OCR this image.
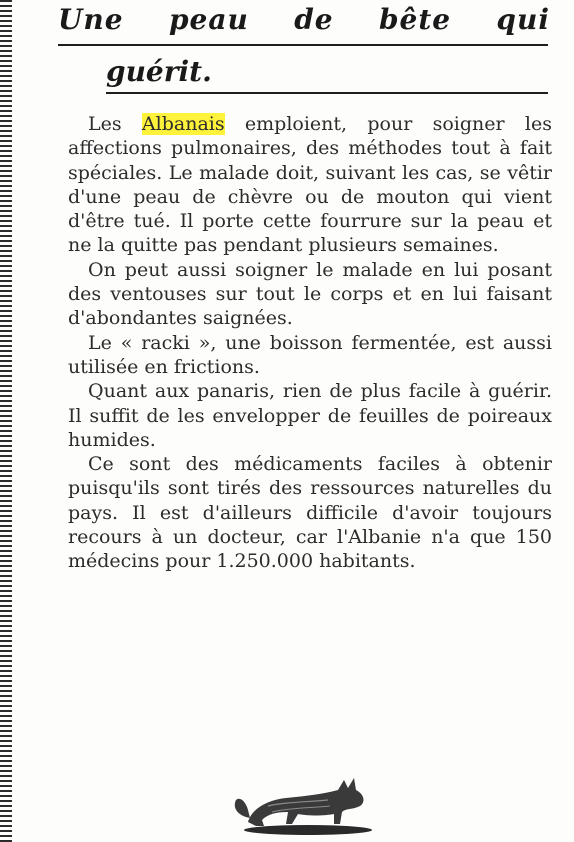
Une peau de bête qui
guérit.

Les Albanais emploient, pour soigner les affections pulmonaires, des méthodes tout à fait spéciales. Le malade doit, suivant les cas, se vêtir d'une peau de chèvre ou de mouton qui vient d'être tué. Il porte cette fourrure sur la peau et ne la quitte pas pendant plusieurs semaines.

On peut aussi soigner le malade en lui posant des ventouses sur tout le corps et en lui faisant d'abondantes saignées.

Le « racki », une boisson fermentée, est aussi utilisée en frictions.

Quant aux panaris, rien de plus facile à guérir. Il suffit de les envelopper de feuilles de poireaux humides.

Ce sont des médicaments faciles à obtenir puisqu'ils sont tirés des ressources naturelles du pays. Il est d'ailleurs difficile d'avoir toujours recours à un docteur, car l'Albanie n'a que 150 médecins pour 1.250.000 habitants.
